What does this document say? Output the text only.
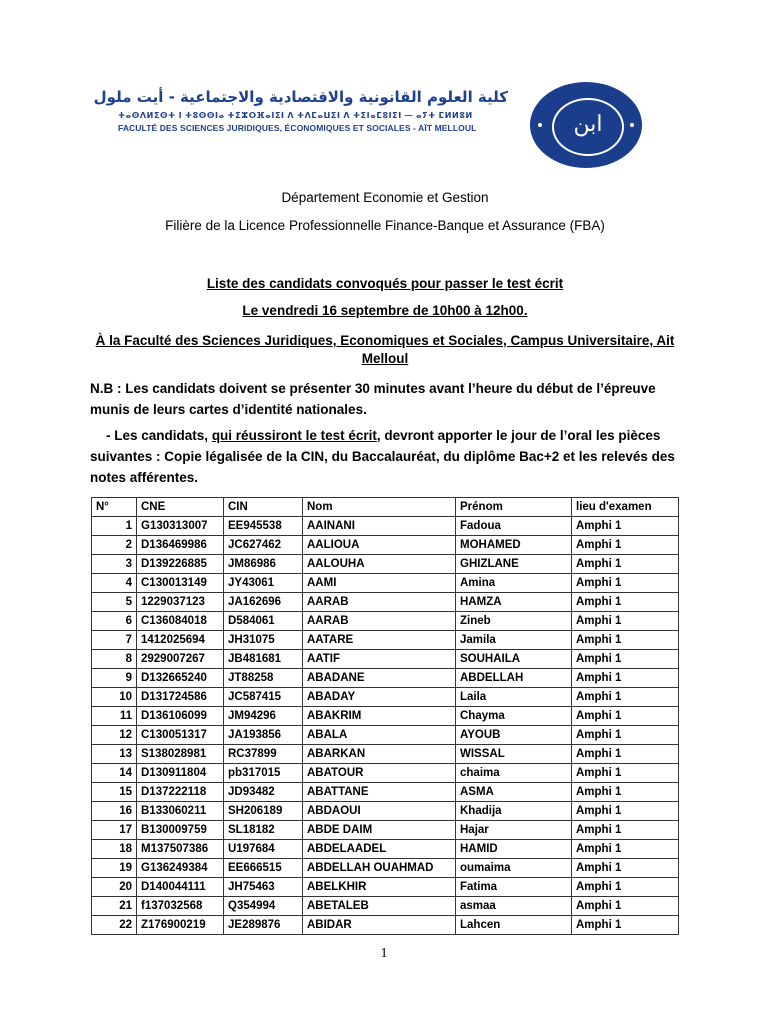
كلية العلوم القانونية والاقتصادية والاجتماعية - أيت ملول
ⵜⴰⵙⴷⵍⵉⵙⵜ ⵏ ⵜⵓⵙⵙⵏⴰ ⵜⵉⵣⵔⴼⴰⵏⵉⵏ ⴷ ⵜⴷⵎⴰⵡⵉⵏ ⴷ ⵜⵉⵏⴰⵎⵓⵏⵉⵏ — ⴰⵢⵜ ⵎⵍⵍⵓⵍ
FACULTÉ DES SCIENCES JURIDIQUES, ÉCONOMIQUES ET SOCIALES - AÏT MELLOUL	ﺍﺑﻦ
Département Economie et Gestion
Filière de la Licence Professionnelle Finance-Banque et Assurance (FBA)
Liste des candidats convoqués pour passer le test écrit
Le vendredi 16 septembre de 10h00 à 12h00.
À la Faculté des Sciences Juridiques, Economiques et Sociales, Campus Universitaire, Ait
Melloul
N.B : Les candidats doivent se présenter 30 minutes avant l’heure du début de l’épreuve munis de leurs cartes d’identité nationales.
- Les candidats, qui réussiront le test écrit, devront apporter le jour de l’oral les pièces suivantes : Copie légalisée de la CIN, du Baccalauréat, du diplôme Bac+2 et les relevés des notes afférentes.
N°	CNE	CIN	Nom	Prénom	lieu d'examen
1	G130313007	EE945538	AAINANI	Fadoua	Amphi 1
2	D136469986	JC627462	AALIOUA	MOHAMED	Amphi 1
3	D139226885	JM86986	AALOUHA	GHIZLANE	Amphi 1
4	C130013149	JY43061	AAMI	Amina	Amphi 1
5	1229037123	JA162696	AARAB	HAMZA	Amphi 1
6	C136084018	D584061	AARAB	Zineb	Amphi 1
7	1412025694	JH31075	AATARE	Jamila	Amphi 1
8	2929007267	JB481681	AATIF	SOUHAILA	Amphi 1
9	D132665240	JT88258	ABADANE	ABDELLAH	Amphi 1
10	D131724586	JC587415	ABADAY	Laila	Amphi 1
11	D136106099	JM94296	ABAKRIM	Chayma	Amphi 1
12	C130051317	JA193856	ABALA	AYOUB	Amphi 1
13	S138028981	RC37899	ABARKAN	WISSAL	Amphi 1
14	D130911804	pb317015	ABATOUR	chaima	Amphi 1
15	D137222118	JD93482	ABATTANE	ASMA	Amphi 1
16	B133060211	SH206189	ABDAOUI	Khadija	Amphi 1
17	B130009759	SL18182	ABDE DAIM	Hajar	Amphi 1
18	M137507386	U197684	ABDELAADEL	HAMID	Amphi 1
19	G136249384	EE666515	ABDELLAH OUAHMAD	oumaima	Amphi 1
20	D140044111	JH75463	ABELKHIR	Fatima	Amphi 1
21	f137032568	Q354994	ABETALEB	asmaa	Amphi 1
22	Z176900219	JE289876	ABIDAR	Lahcen	Amphi 1
1
